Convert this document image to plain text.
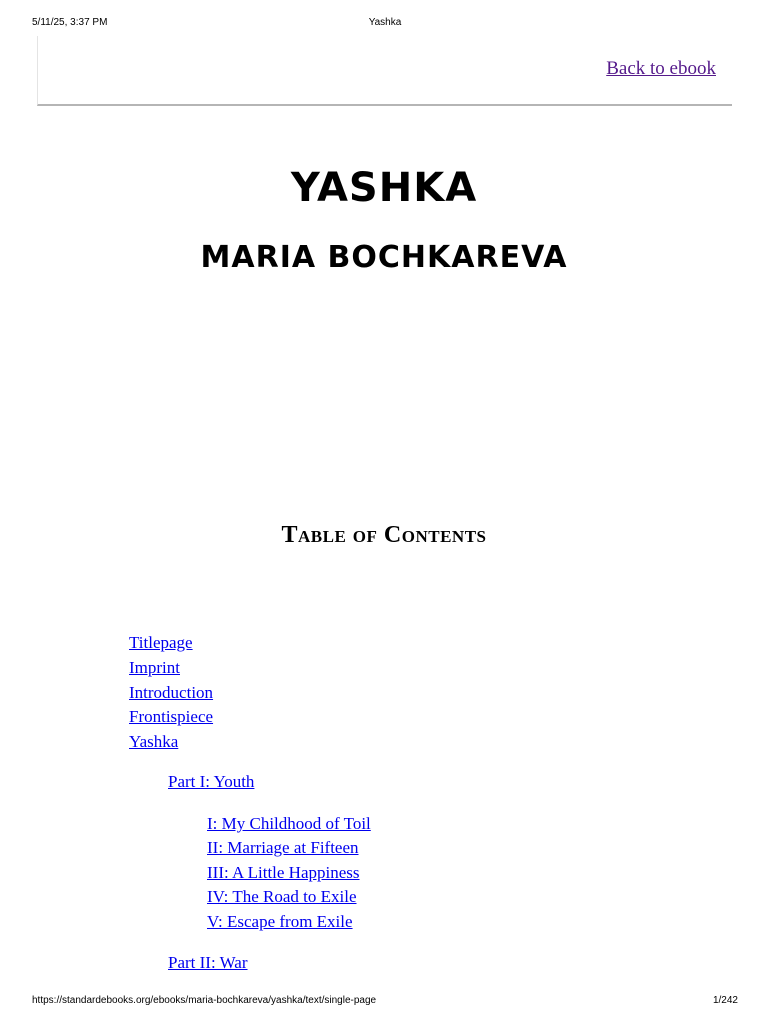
5/11/25, 3:37 PM	Yashka
Back to ebook
YASHKA
MARIA BOCHKAREVA
Table of Contents
Titlepage
Imprint
Introduction
Frontispiece
Yashka
Part I: Youth
I: My Childhood of Toil
II: Marriage at Fifteen
III: A Little Happiness
IV: The Road to Exile
V: Escape from Exile
Part II: War
https://standardebooks.org/ebooks/maria-bochkareva/yashka/text/single-page	1/242
